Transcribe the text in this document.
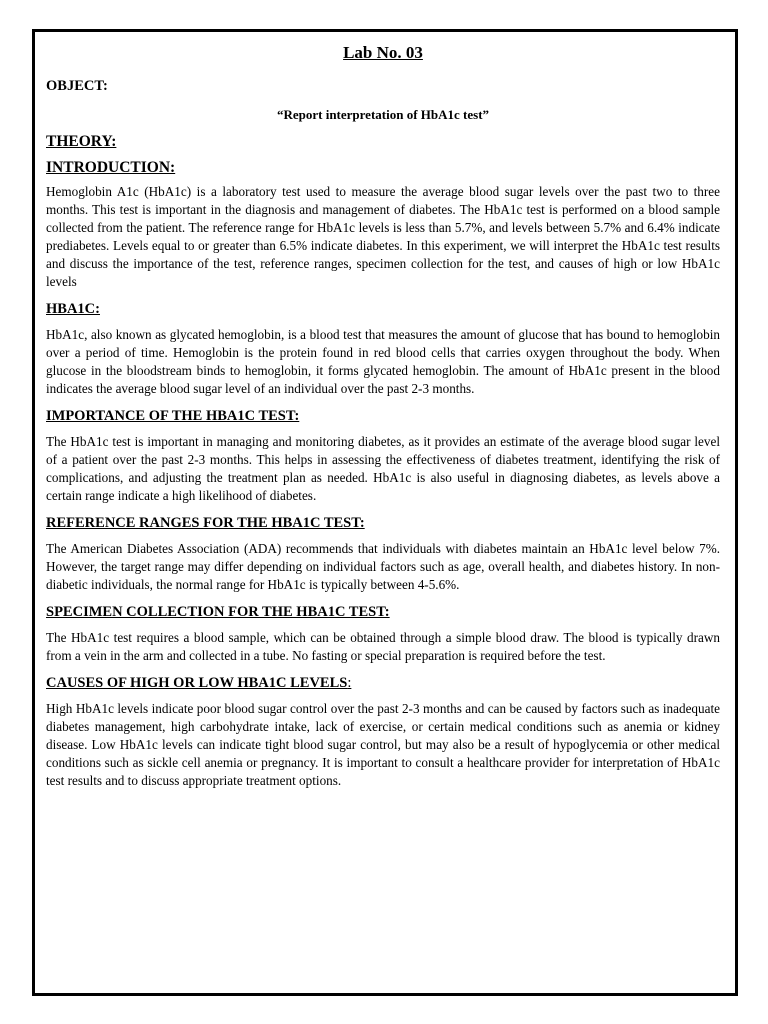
Lab No. 03
OBJECT:
“Report interpretation of HbA1c test”
THEORY:
INTRODUCTION:

Hemoglobin A1c (HbA1c) is a laboratory test used to measure the average blood sugar levels over the past two to three months. This test is important in the diagnosis and management of diabetes. The HbA1c test is performed on a blood sample collected from the patient. The reference range for HbA1c levels is less than 5.7%, and levels between 5.7% and 6.4% indicate prediabetes. Levels equal to or greater than 6.5% indicate diabetes. In this experiment, we will interpret the HbA1c test results and discuss the importance of the test, reference ranges, specimen collection for the test, and causes of high or low HbA1c levels

HBA1C:

HbA1c, also known as glycated hemoglobin, is a blood test that measures the amount of glucose that has bound to hemoglobin over a period of time. Hemoglobin is the protein found in red blood cells that carries oxygen throughout the body. When glucose in the bloodstream binds to hemoglobin, it forms glycated hemoglobin. The amount of HbA1c present in the blood indicates the average blood sugar level of an individual over the past 2-3 months.

IMPORTANCE OF THE HBA1C TEST:

The HbA1c test is important in managing and monitoring diabetes, as it provides an estimate of the average blood sugar level of a patient over the past 2-3 months. This helps in assessing the effectiveness of diabetes treatment, identifying the risk of complications, and adjusting the treatment plan as needed. HbA1c is also useful in diagnosing diabetes, as levels above a certain range indicate a high likelihood of diabetes.

REFERENCE RANGES FOR THE HBA1C TEST:

The American Diabetes Association (ADA) recommends that individuals with diabetes maintain an HbA1c level below 7%. However, the target range may differ depending on individual factors such as age, overall health, and diabetes history. In non-diabetic individuals, the normal range for HbA1c is typically between 4-5.6%.

SPECIMEN COLLECTION FOR THE HBA1C TEST:

The HbA1c test requires a blood sample, which can be obtained through a simple blood draw. The blood is typically drawn from a vein in the arm and collected in a tube. No fasting or special preparation is required before the test.

CAUSES OF HIGH OR LOW HBA1C LEVELS:

High HbA1c levels indicate poor blood sugar control over the past 2-3 months and can be caused by factors such as inadequate diabetes management, high carbohydrate intake, lack of exercise, or certain medical conditions such as anemia or kidney disease. Low HbA1c levels can indicate tight blood sugar control, but may also be a result of hypoglycemia or other medical conditions such as sickle cell anemia or pregnancy. It is important to consult a healthcare provider for interpretation of HbA1c test results and to discuss appropriate treatment options.
